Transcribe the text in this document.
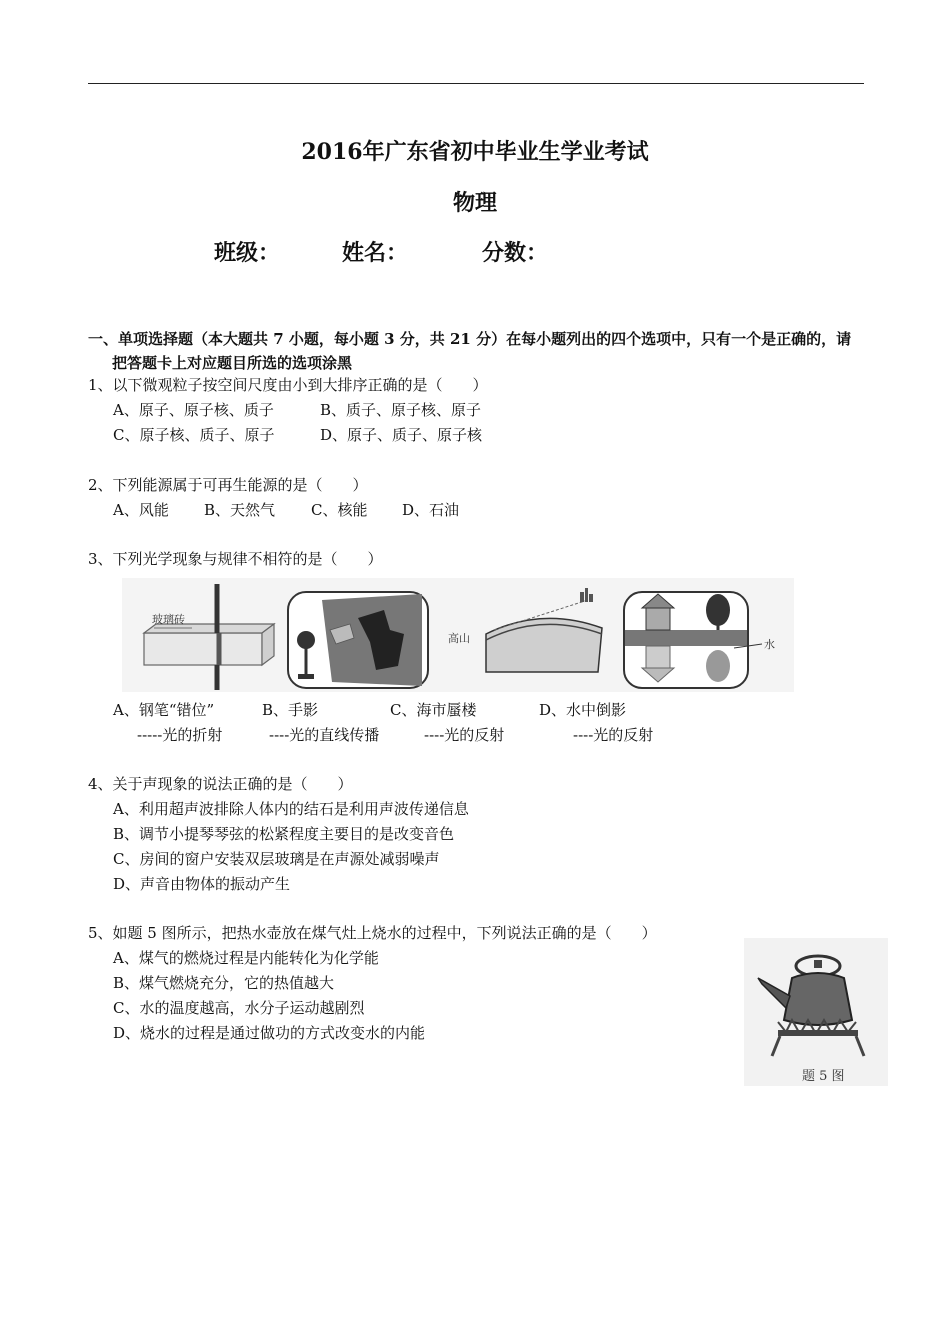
2016年广东省初中毕业生学业考试
物理
班级：	姓名：	分数：
一、单项选择题（本大题共 7 小题，每小题 3 分，共 21 分）在每小题列出的四个选项中，只有一个是正确的，请
把答题卡上对应题目所选的选项涂黑
1、以下微观粒子按空间尺度由小到大排序正确的是（　　）
A、原子、原子核、质子	B、质子、原子核、原子
C、原子核、质子、原子	D、原子、质子、原子核
2、下列能源属于可再生能源的是（　　）
A、风能 B、天然气 C、核能 D、石油
3、下列光学现象与规律不相符的是（　　）
玻璃砖
高山	水
A、钢笔“错位”	B、手影	C、海市蜃楼	D、水中倒影
-----光的折射	----光的直线传播	----光的反射	----光的反射
4、关于声现象的说法正确的是（　　）
A、利用超声波排除人体内的结石是利用声波传递信息
B、调节小提琴琴弦的松紧程度主要目的是改变音色
C、房间的窗户安装双层玻璃是在声源处减弱噪声
D、声音由物体的振动产生
5、如题 5 图所示，把热水壶放在煤气灶上烧水的过程中，下列说法正确的是（　　）
A、煤气的燃烧过程是内能转化为化学能
B、煤气燃烧充分，它的热值越大
C、水的温度越高，水分子运动越剧烈
D、烧水的过程是通过做功的方式改变水的内能
题 5 图
